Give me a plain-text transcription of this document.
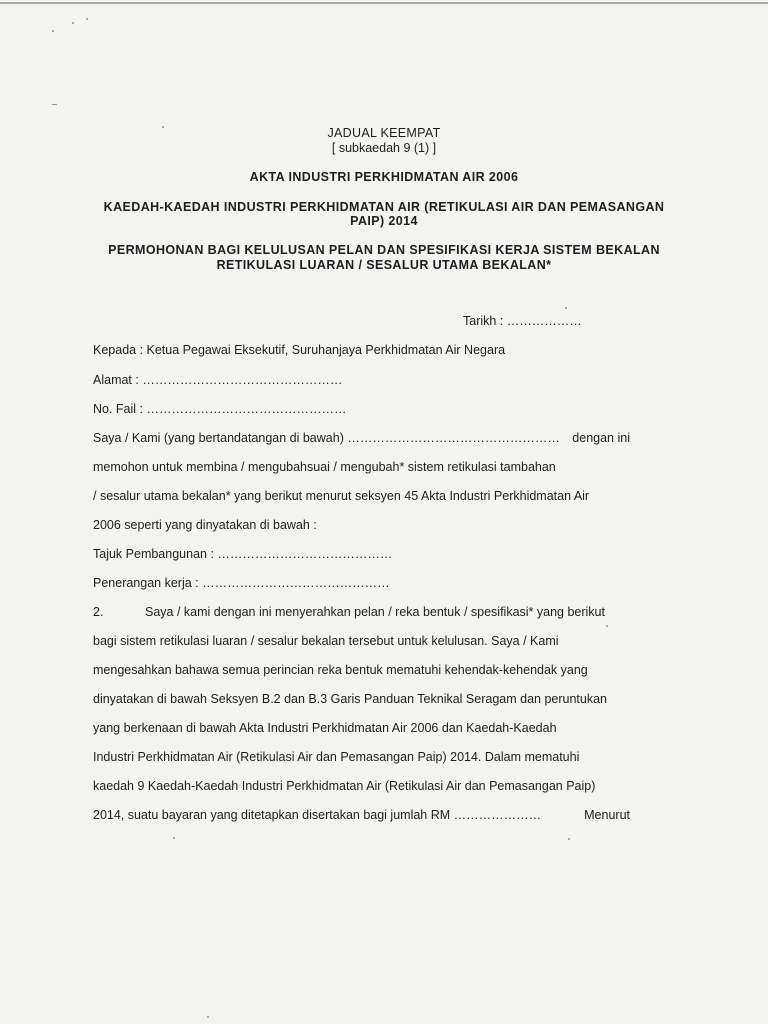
JADUAL KEEMPAT
[ subkaedah 9 (1) ]
AKTA INDUSTRI PERKHIDMATAN AIR 2006
KAEDAH-KAEDAH INDUSTRI PERKHIDMATAN AIR (RETIKULASI AIR DAN PEMASANGAN
PAIP) 2014
PERMOHONAN BAGI KELULUSAN PELAN DAN SPESIFIKASI KERJA SISTEM BEKALAN
RETIKULASI LUARAN / SESALUR UTAMA BEKALAN*
Tarikh : ………………
Kepada : Ketua Pegawai Eksekutif, Suruhanjaya Perkhidmatan Air Negara
Alamat : …………………………………………
No. Fail : …………………………………………
Saya / Kami (yang bertandatangan di bawah) …………………………………………… dengan ini
memohon untuk membina / mengubahsuai / mengubah* sistem retikulasi tambahan
/ sesalur utama bekalan* yang berikut menurut seksyen 45 Akta Industri Perkhidmatan Air
2006 seperti yang dinyatakan di bawah :
Tajuk Pembangunan : ……………………………………
Penerangan kerja : ………………………………………
2.	Saya / kami dengan ini menyerahkan pelan / reka bentuk / spesifikasi* yang berikut
bagi sistem retikulasi luaran / sesalur bekalan tersebut untuk kelulusan. Saya / Kami
mengesahkan bahawa semua perincian reka bentuk mematuhi kehendak-kehendak yang
dinyatakan di bawah Seksyen B.2 dan B.3 Garis Panduan Teknikal Seragam dan peruntukan
yang berkenaan di bawah Akta Industri Perkhidmatan Air 2006 dan Kaedah-Kaedah
Industri Perkhidmatan Air (Retikulasi Air dan Pemasangan Paip) 2014. Dalam mematuhi
kaedah 9 Kaedah-Kaedah Industri Perkhidmatan Air (Retikulasi Air dan Pemasangan Paip)
2014, suatu bayaran yang ditetapkan disertakan bagi jumlah RM …………………	Menurut
